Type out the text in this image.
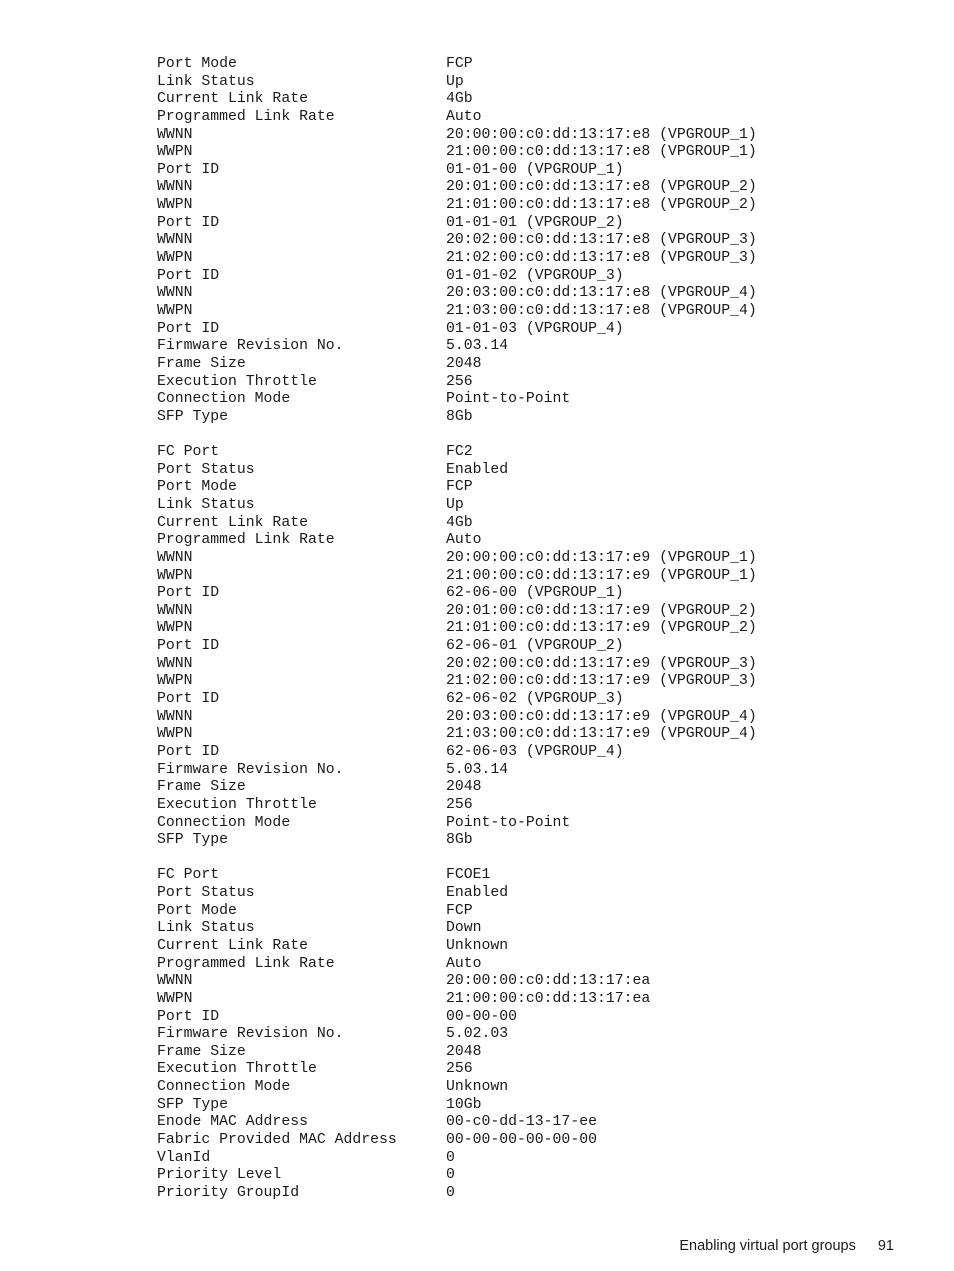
Port Mode	FCP
Link Status	Up
Current Link Rate	4Gb
Programmed Link Rate	Auto
WWNN	20:00:00:c0:dd:13:17:e8 (VPGROUP_1)
WWPN	21:00:00:c0:dd:13:17:e8 (VPGROUP_1)
Port ID	01-01-00 (VPGROUP_1)
WWNN	20:01:00:c0:dd:13:17:e8 (VPGROUP_2)
WWPN	21:01:00:c0:dd:13:17:e8 (VPGROUP_2)
Port ID	01-01-01 (VPGROUP_2)
WWNN	20:02:00:c0:dd:13:17:e8 (VPGROUP_3)
WWPN	21:02:00:c0:dd:13:17:e8 (VPGROUP_3)
Port ID	01-01-02 (VPGROUP_3)
WWNN	20:03:00:c0:dd:13:17:e8 (VPGROUP_4)
WWPN	21:03:00:c0:dd:13:17:e8 (VPGROUP_4)
Port ID	01-01-03 (VPGROUP_4)
Firmware Revision No.	5.03.14
Frame Size	2048
Execution Throttle	256
Connection Mode	Point-to-Point
SFP Type	8Gb
FC Port	FC2
Port Status	Enabled
Port Mode	FCP
Link Status	Up
Current Link Rate	4Gb
Programmed Link Rate	Auto
WWNN	20:00:00:c0:dd:13:17:e9 (VPGROUP_1)
WWPN	21:00:00:c0:dd:13:17:e9 (VPGROUP_1)
Port ID	62-06-00 (VPGROUP_1)
WWNN	20:01:00:c0:dd:13:17:e9 (VPGROUP_2)
WWPN	21:01:00:c0:dd:13:17:e9 (VPGROUP_2)
Port ID	62-06-01 (VPGROUP_2)
WWNN	20:02:00:c0:dd:13:17:e9 (VPGROUP_3)
WWPN	21:02:00:c0:dd:13:17:e9 (VPGROUP_3)
Port ID	62-06-02 (VPGROUP_3)
WWNN	20:03:00:c0:dd:13:17:e9 (VPGROUP_4)
WWPN	21:03:00:c0:dd:13:17:e9 (VPGROUP_4)
Port ID	62-06-03 (VPGROUP_4)
Firmware Revision No.	5.03.14
Frame Size	2048
Execution Throttle	256
Connection Mode	Point-to-Point
SFP Type	8Gb
FC Port	FCOE1
Port Status	Enabled
Port Mode	FCP
Link Status	Down
Current Link Rate	Unknown
Programmed Link Rate	Auto
WWNN	20:00:00:c0:dd:13:17:ea
WWPN	21:00:00:c0:dd:13:17:ea
Port ID	00-00-00
Firmware Revision No.	5.02.03
Frame Size	2048
Execution Throttle	256
Connection Mode	Unknown
SFP Type	10Gb
Enode MAC Address	00-c0-dd-13-17-ee
Fabric Provided MAC Address	00-00-00-00-00-00
VlanId	0
Priority Level	0
Priority GroupId	0

Enabling virtual port groups 91
